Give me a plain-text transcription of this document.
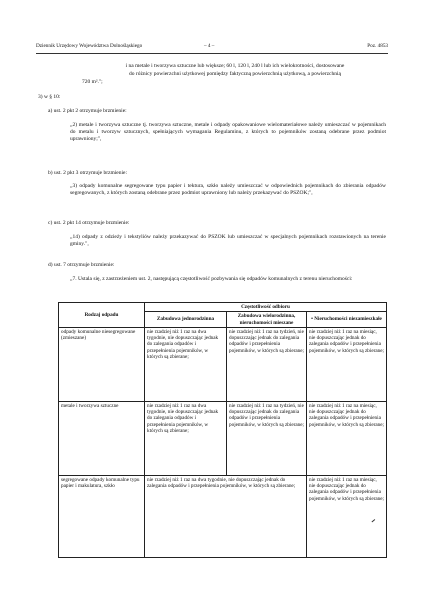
Dziennik Urzędowy Województwa Dolnośląskiego	– 4 –	Poz. 4853
i na metale i tworzywa sztuczne lub większe; 60 l, 120 l, 240 l lub ich wielokrotności, dostosowane
do różnicy powierzchni użytkowej pomiędzy faktyczną powierzchnią użytkową, a powierzchnią
720 m².";
3) w § 10:
a) ust. 2 pkt 2 otrzymuje brzmienie:
„2) metale i tworzywa sztuczne tj. tworzywa sztuczne, metale i odpady opakowaniowe wielomateriałowe należy umieszczać w pojemnikach do metalu i tworzyw sztucznych, spełniających wymagania Regulaminu, z których to pojemników zostaną odebrane przez podmiot uprawniony;",
b) ust. 2 pkt 3 otrzymuje brzmienie:
„3) odpady komunalne segregowane typu papier i tektura, szkło należy umieszczać w odpowiednich pojemnikach do zbierania odpadów segregowanych, z których zostaną odebrane przez podmiot uprawniony lub należy przekazywać do PSZOK;",
c) ust. 2 pkt 14 otrzymuje brzmienie:
„14) odpady z odzieży i tekstyliów należy przekazywać do PSZOK lub umieszczać w specjalnych pojemnikach rozstawionych na terenie gminy.",
d) ust. 7 otrzymuje brzmienie:
„7. Ustala się, z zastrzeżeniem ust. 2, następującą częstotliwość pozbywania się odpadów komunalnych z terenu nieruchomości:
Rodzaj odpadu	Częstotliwość odbioru		
	Zabudowa jednorodzinna	Zabudowa wielorodzinna, nieruchomości mieszane	• Nieruchomości niezamieszkałe
odpady komunalne niesegregowane (zmieszane)	nie rzadziej niż 1 raz na dwa tygodnie, nie dopuszczając jednak do zalegania odpadów i przepełnienia pojemników, w których są zbierane;	nie rzadziej niż 1 raz na tydzień, nie dopuszczając jednak do zalegania odpadów i przepełnienia pojemników, w których są zbierane;	nie rzadziej niż 1 raz na miesiąc, nie dopuszczając jednak do zalegania odpadów i przepełnienia pojemników, w których są zbierane;
metale i tworzywa sztuczne	nie rzadziej niż 1 raz na dwa tygodnie, nie dopuszczając jednak do zalegania odpadów i przepełnienia pojemników, w których są zbierane;	nie rzadziej niż 1 raz na tydzień, nie dopuszczając jednak do zalegania odpadów i przepełnienia pojemników, w których są zbierane;	nie rzadziej niż 1 raz na miesiąc, nie dopuszczając jednak do zalegania odpadów i przepełnienia pojemników, w których są zbierane;
segregowane odpady komunalne typu papier i makulatura, szkło	nie rzadziej niż 1 raz na dwa tygodnie, nie dopuszczając jednak do zalegania odpadów i przepełnienia pojemników, w których są zbierane;		nie rzadziej niż 1 raz na miesiąc, nie dopuszczając jednak do zalegania odpadów i przepełnienia pojemników, w których są zbierane;
